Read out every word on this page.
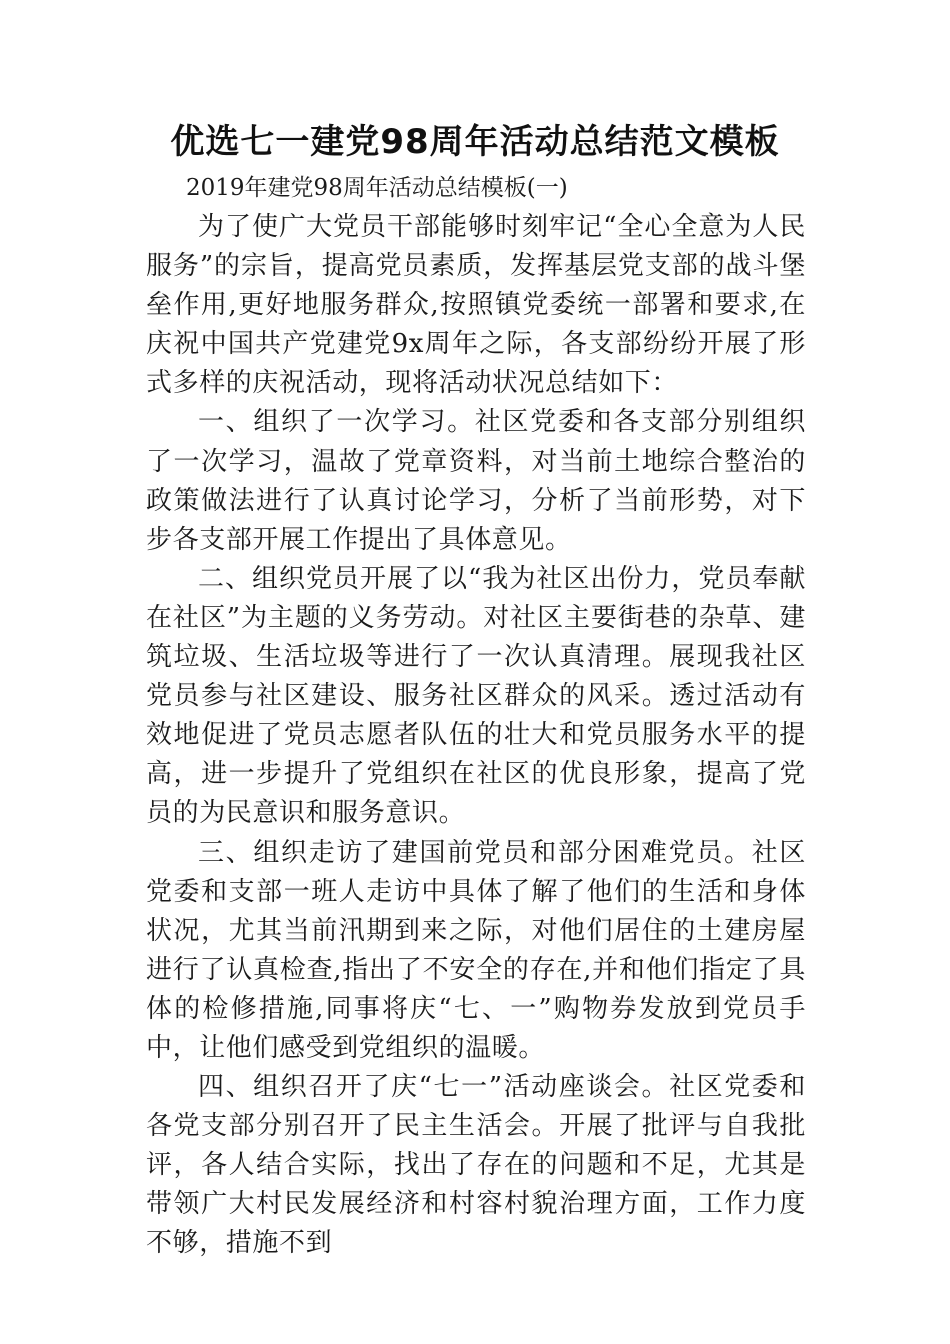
优选七一建党98周年活动总结范文模板

2019年建党98周年活动总结模板(一)

为了使广大党员干部能够时刻牢记“全心全意为人民服务”的宗旨，提高党员素质，发挥基层党支部的战斗堡垒作用,更好地服务群众,按照镇党委统一部署和要求,在庆祝中国共产党建党9x周年之际，各支部纷纷开展了形式多样的庆祝活动，现将活动状况总结如下：

一、组织了一次学习。社区党委和各支部分别组织了一次学习，温故了党章资料，对当前土地综合整治的政策做法进行了认真讨论学习，分析了当前形势，对下步各支部开展工作提出了具体意见。

二、组织党员开展了以“我为社区出份力，党员奉献在社区”为主题的义务劳动。对社区主要街巷的杂草、建筑垃圾、生活垃圾等进行了一次认真清理。展现我社区党员参与社区建设、服务社区群众的风采。透过活动有效地促进了党员志愿者队伍的壮大和党员服务水平的提高，进一步提升了党组织在社区的优良形象，提高了党员的为民意识和服务意识。

三、组织走访了建国前党员和部分困难党员。社区党委和支部一班人走访中具体了解了他们的生活和身体状况，尤其当前汛期到来之际，对他们居住的土建房屋进行了认真检查,指出了不安全的存在,并和他们指定了具体的检修措施,同事将庆“七、一”购物券发放到党员手中，让他们感受到党组织的温暖。

四、组织召开了庆“七一”活动座谈会。社区党委和各党支部分别召开了民主生活会。开展了批评与自我批评，各人结合实际，找出了存在的问题和不足，尤其是带领广大村民发展经济和村容村貌治理方面，工作力度不够，措施不到
